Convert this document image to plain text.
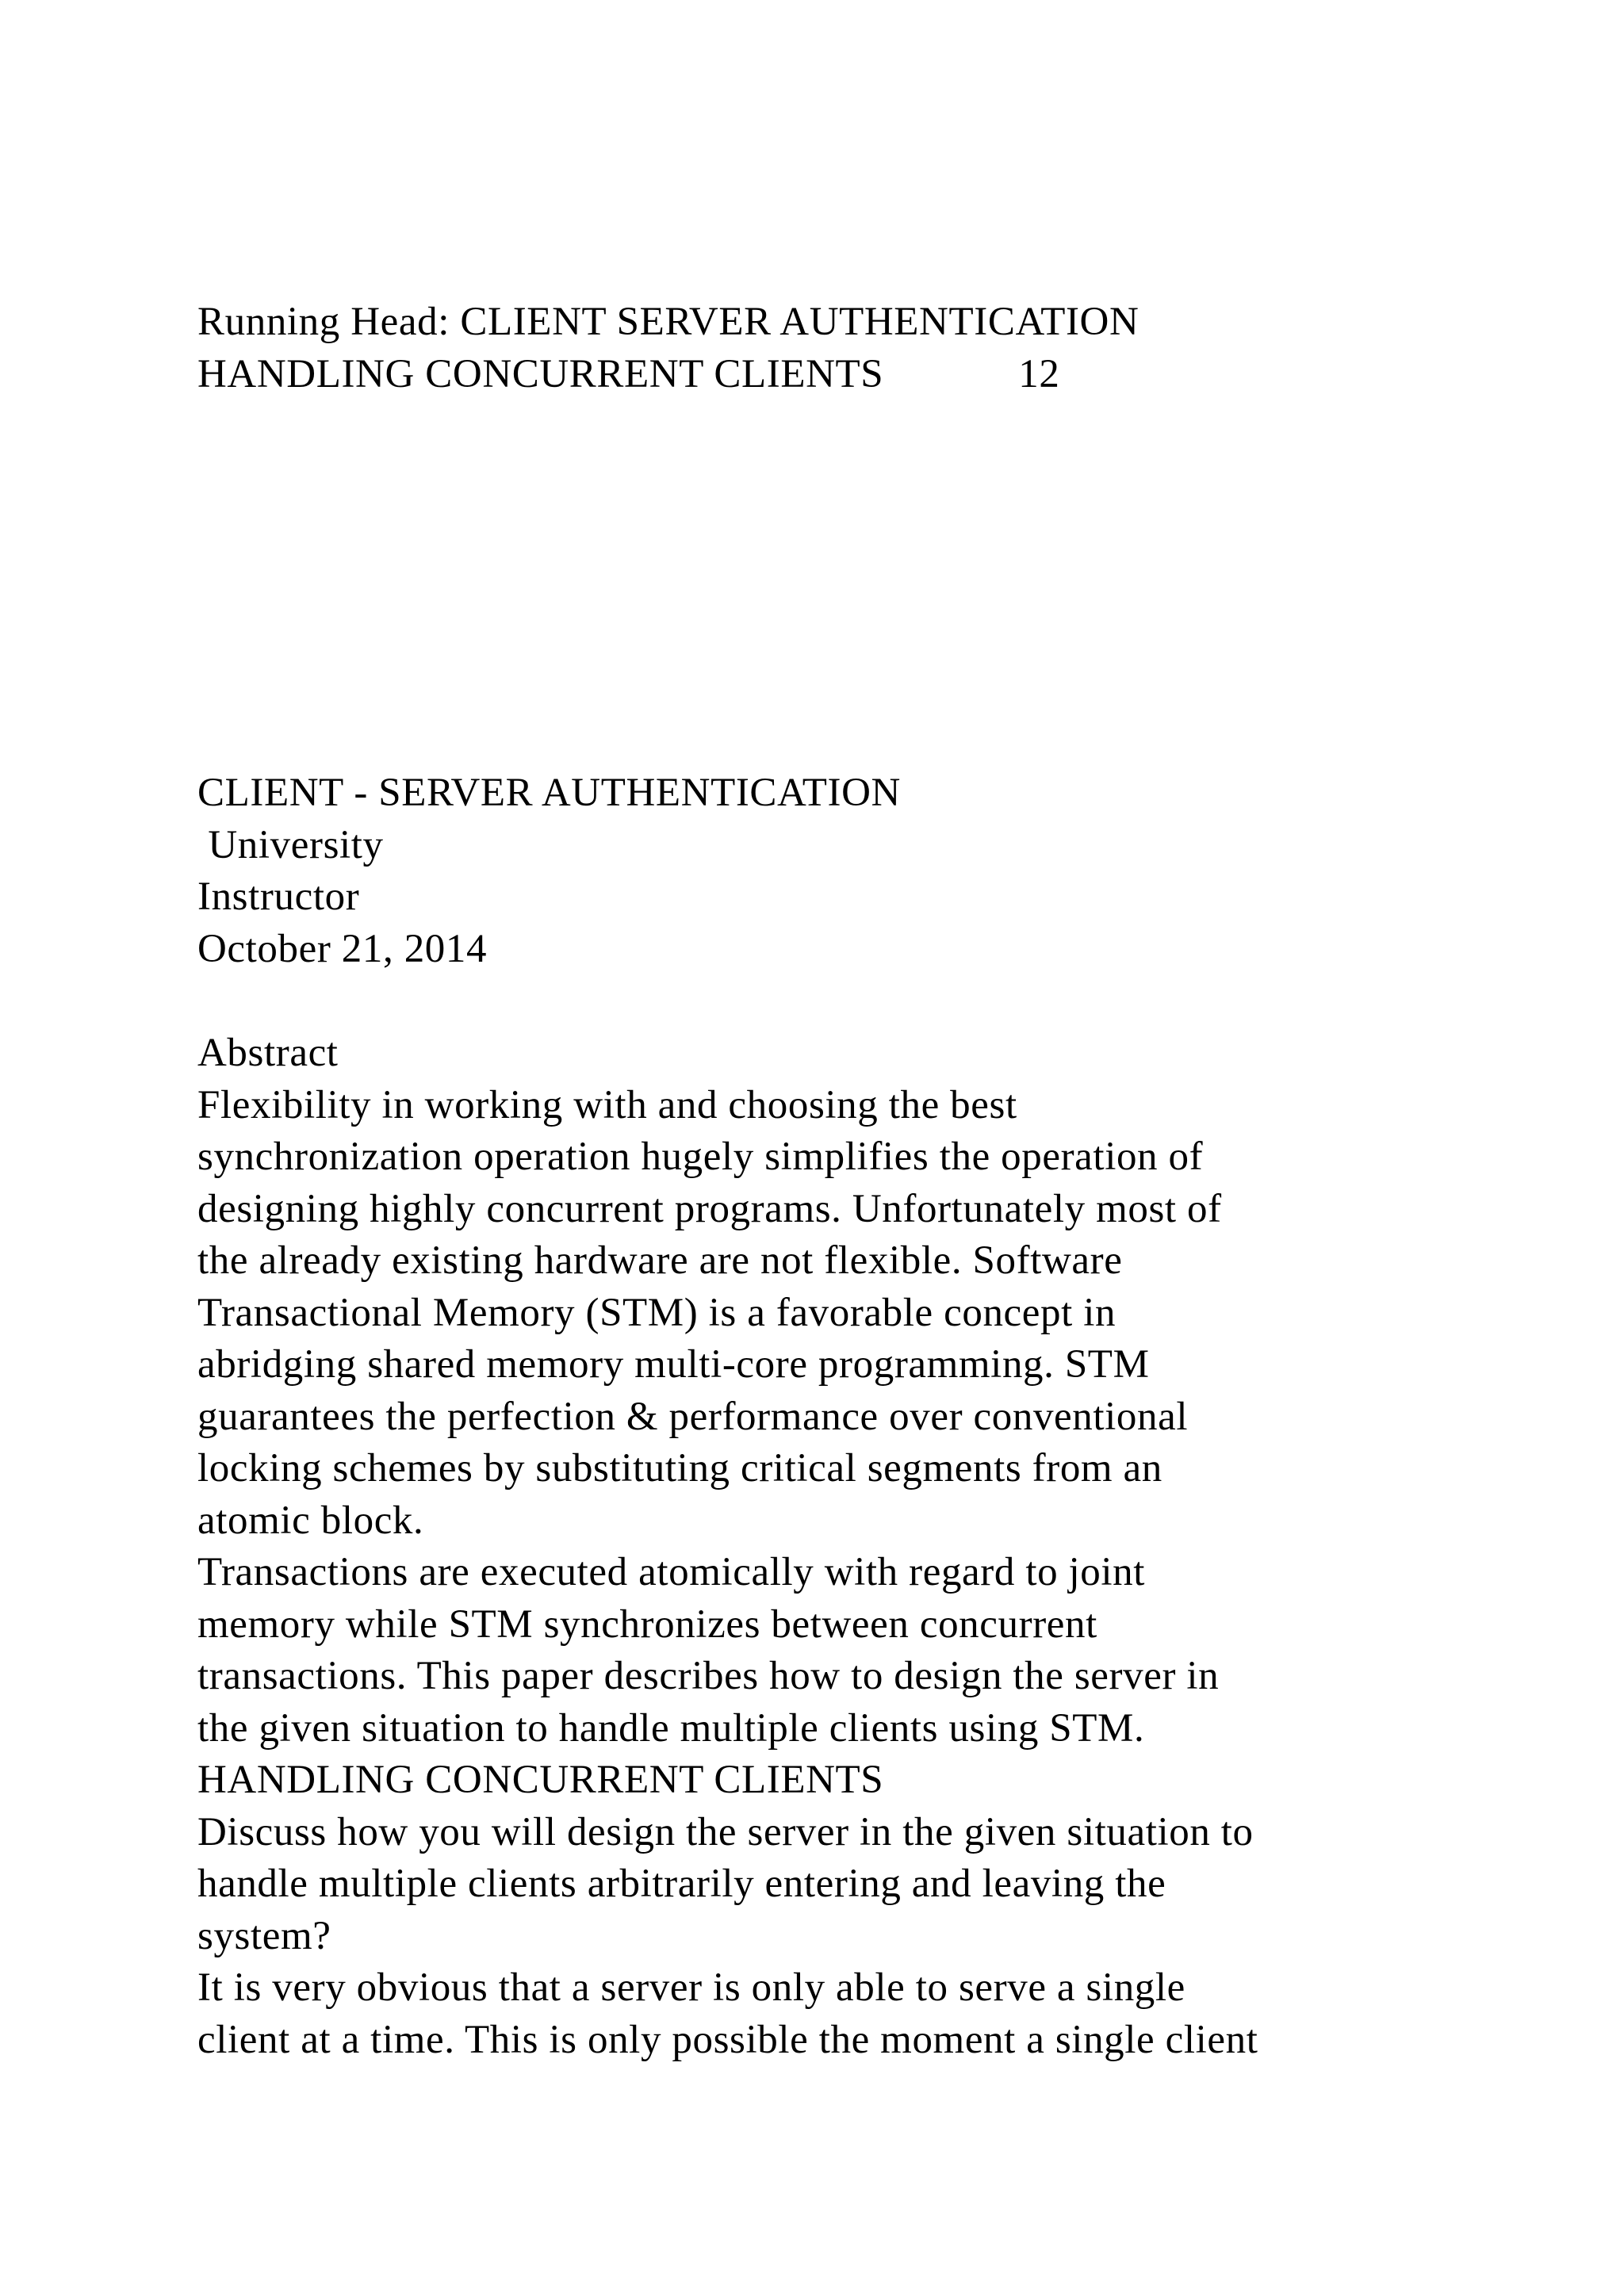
Running Head: CLIENT SERVER AUTHENTICATION
HANDLING CONCURRENT CLIENTS	12
CLIENT - SERVER AUTHENTICATION
University
Instructor
October 21, 2014
Abstract
Flexibility in working with and choosing the best
synchronization operation hugely simplifies the operation of
designing highly concurrent programs. Unfortunately most of
the already existing hardware are not flexible. Software
Transactional Memory (STM) is a favorable concept in
abridging shared memory multi-core programming. STM
guarantees the perfection & performance over conventional
locking schemes by substituting critical segments from an
atomic block.
Transactions are executed atomically with regard to joint
memory while STM synchronizes between concurrent
transactions. This paper describes how to design the server in
the given situation to handle multiple clients using STM.
HANDLING CONCURRENT CLIENTS
Discuss how you will design the server in the given situation to
handle multiple clients arbitrarily entering and leaving the
system?
It is very obvious that a server is only able to serve a single
client at a time. This is only possible the moment a single client
